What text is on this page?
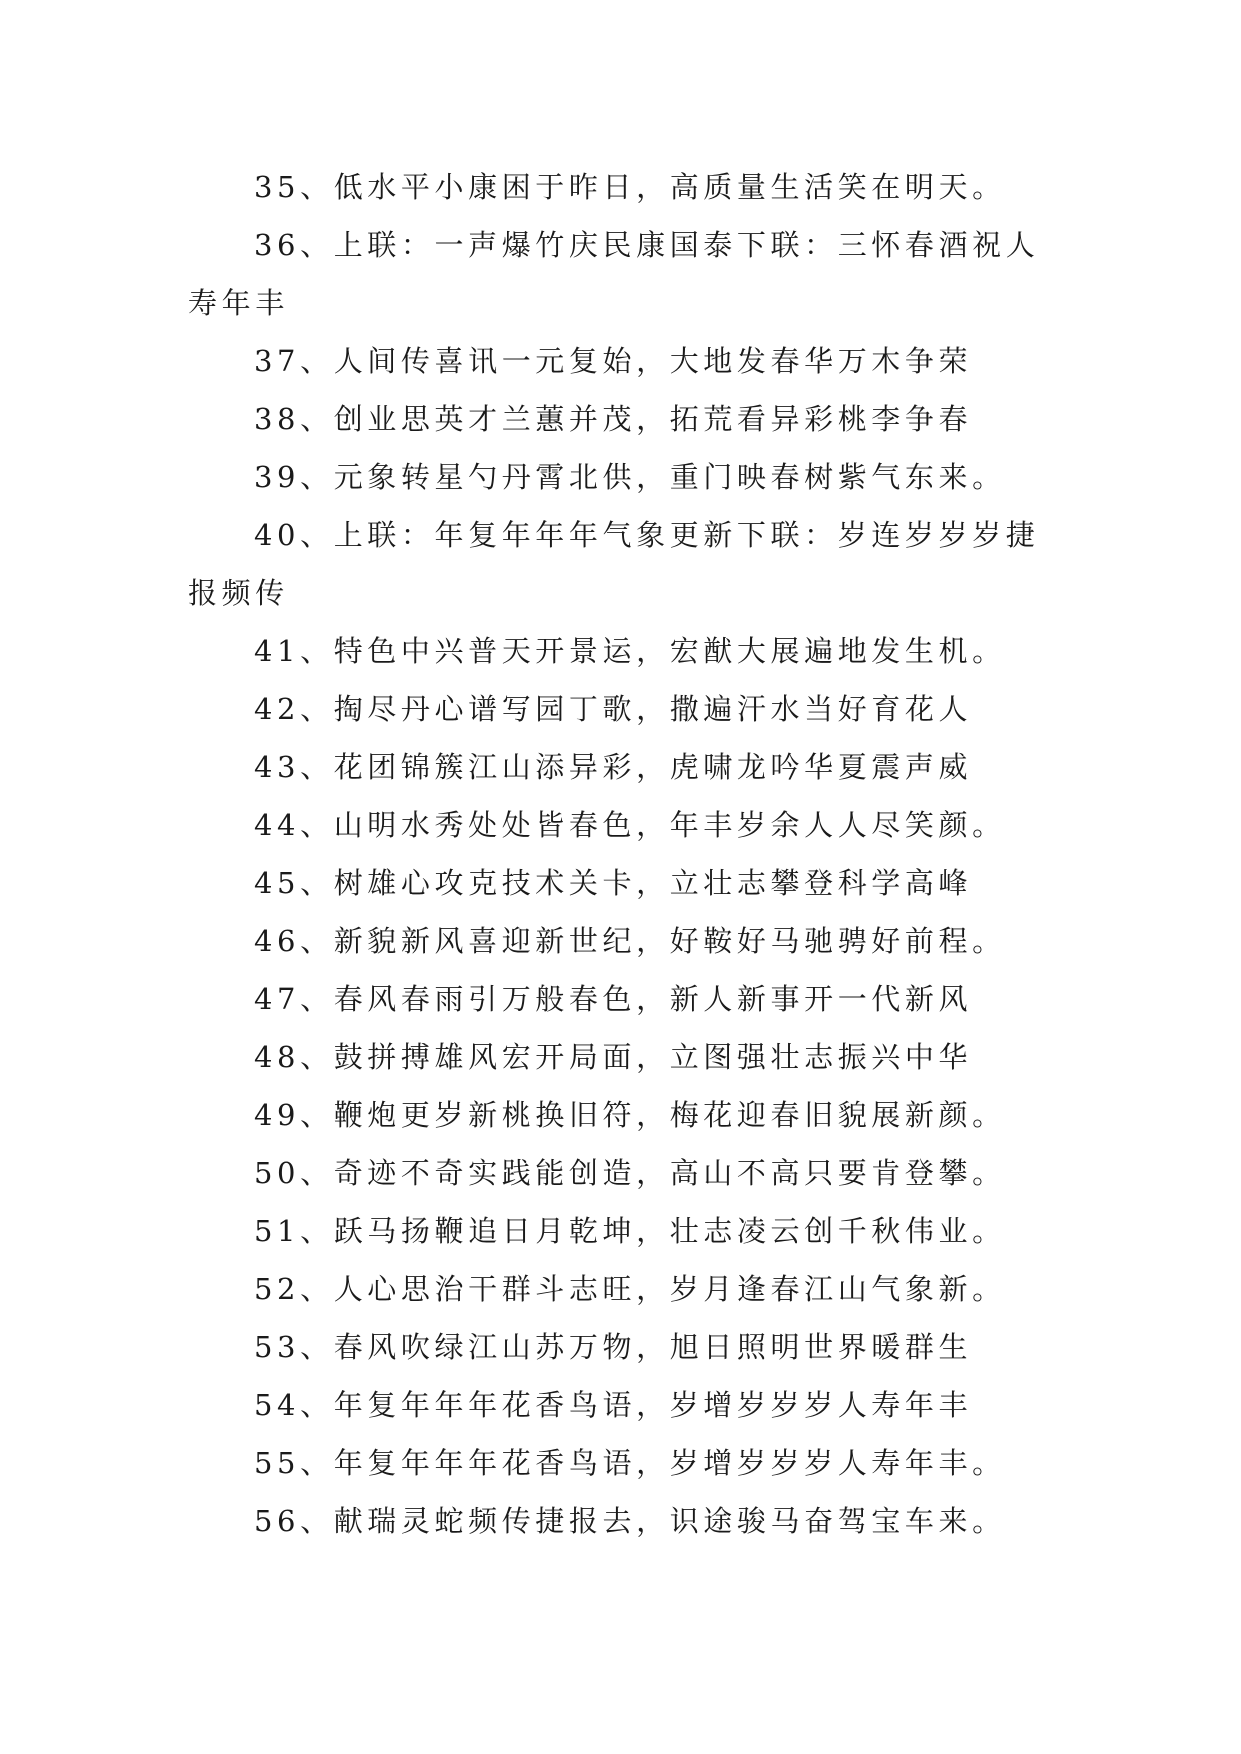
35、低水平小康困于昨日，高质量生活笑在明天。

36、上联：一声爆竹庆民康国泰下联：三怀春酒祝人寿年丰

37、人间传喜讯一元复始，大地发春华万木争荣

38、创业思英才兰蕙并茂，拓荒看异彩桃李争春

39、元象转星勺丹霄北供，重门映春树紫气东来。

40、上联：年复年年年气象更新下联：岁连岁岁岁捷报频传

41、特色中兴普天开景运，宏猷大展遍地发生机。

42、掏尽丹心谱写园丁歌，撒遍汗水当好育花人

43、花团锦簇江山添异彩，虎啸龙吟华夏震声威

44、山明水秀处处皆春色，年丰岁余人人尽笑颜。

45、树雄心攻克技术关卡，立壮志攀登科学高峰

46、新貌新风喜迎新世纪，好鞍好马驰骋好前程。

47、春风春雨引万般春色，新人新事开一代新风

48、鼓拼搏雄风宏开局面，立图强壮志振兴中华

49、鞭炮更岁新桃换旧符，梅花迎春旧貌展新颜。

50、奇迹不奇实践能创造，高山不高只要肯登攀。

51、跃马扬鞭追日月乾坤，壮志凌云创千秋伟业。

52、人心思治干群斗志旺，岁月逢春江山气象新。

53、春风吹绿江山苏万物，旭日照明世界暖群生

54、年复年年年花香鸟语，岁增岁岁岁人寿年丰

55、年复年年年花香鸟语，岁增岁岁岁人寿年丰。

56、献瑞灵蛇频传捷报去，识途骏马奋驾宝车来。
